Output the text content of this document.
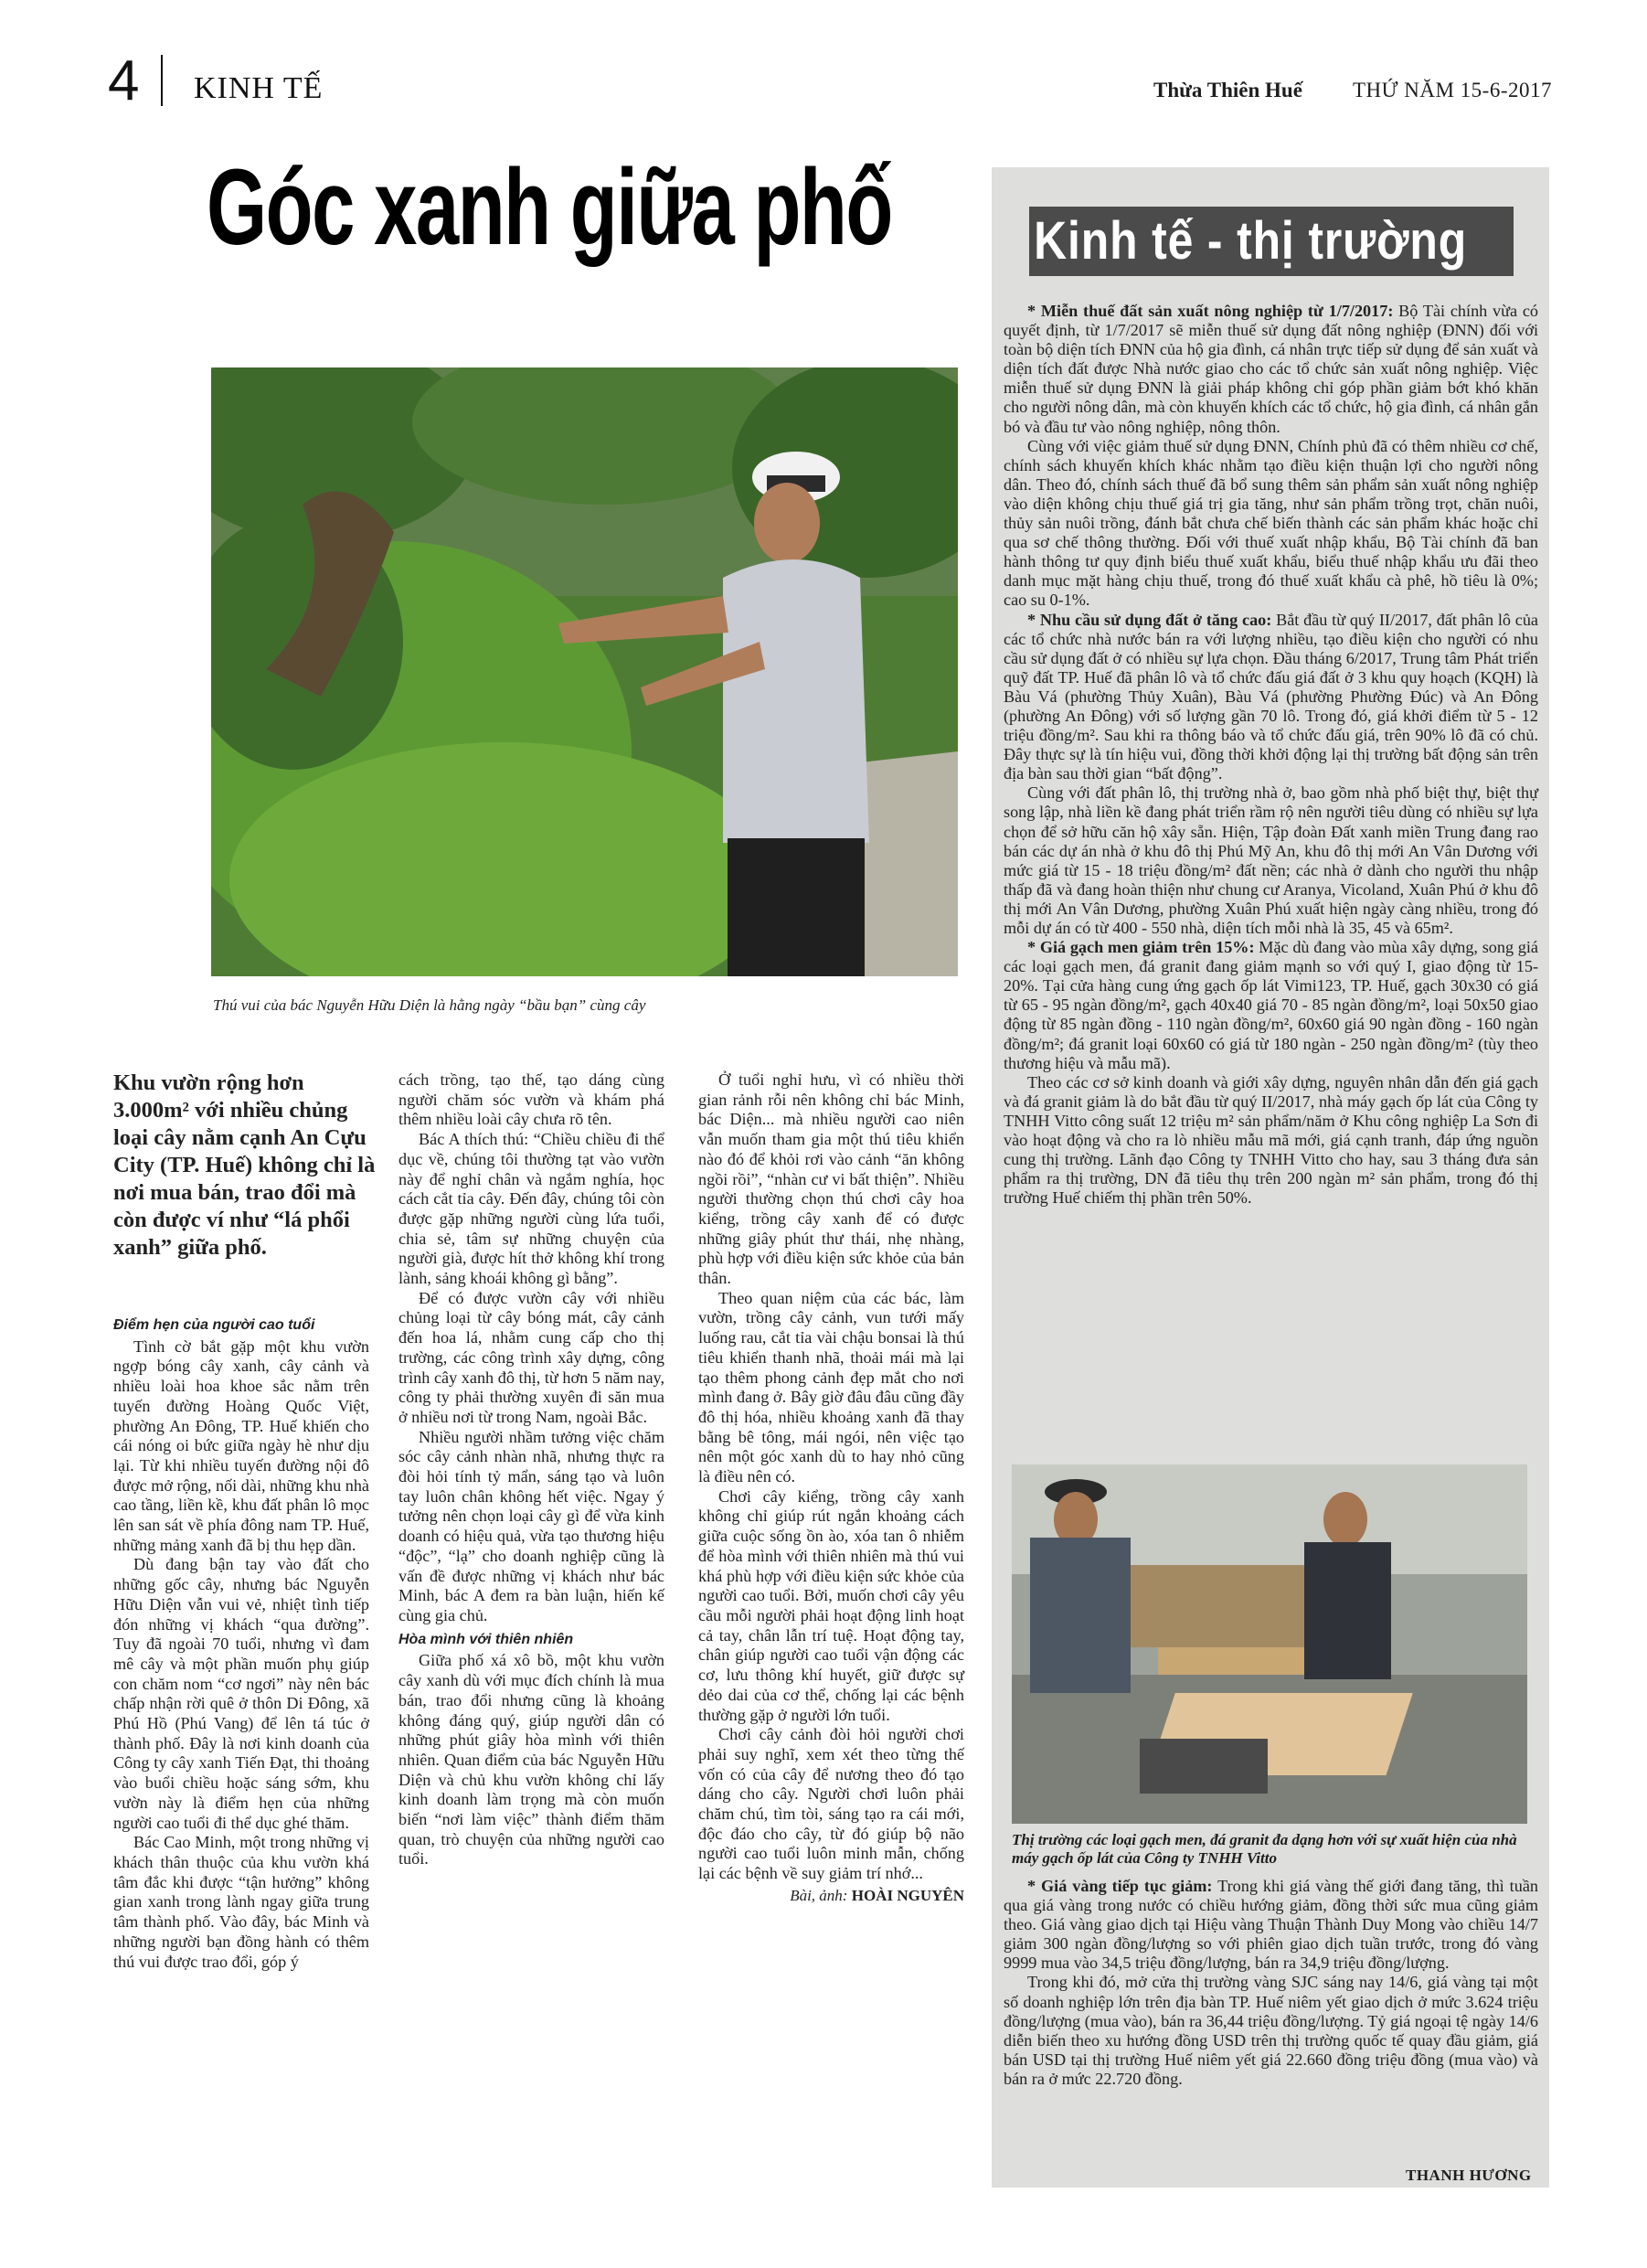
4 KINH TẾ	Thừa Thiên Huế THỨ NĂM 15-6-2017
Góc xanh giữa phố
Thú vui của bác Nguyễn Hữu Diện là hằng ngày “bầu bạn” cùng cây
Khu vườn rộng hơn 3.000m² với nhiều chủng loại cây nằm cạnh An Cựu City (TP. Huế) không chỉ là nơi mua bán, trao đổi mà còn được ví như “lá phổi xanh” giữa phố.
Điểm hẹn của người cao tuổi

Tình cờ bắt gặp một khu vườn ngợp bóng cây xanh, cây cảnh và nhiều loài hoa khoe sắc nằm trên tuyến đường Hoàng Quốc Việt, phường An Đông, TP. Huế khiến cho cái nóng oi bức giữa ngày hè như dịu lại. Từ khi nhiều tuyến đường nội đô được mở rộng, nối dài, những khu nhà cao tầng, liền kề, khu đất phân lô mọc lên san sát về phía đông nam TP. Huế, những mảng xanh đã bị thu hẹp dần.

Dù đang bận tay vào đất cho những gốc cây, nhưng bác Nguyễn Hữu Diện vẫn vui vẻ, nhiệt tình tiếp đón những vị khách “qua đường”. Tuy đã ngoài 70 tuổi, nhưng vì đam mê cây và một phần muốn phụ giúp con chăm nom “cơ ngơi” này nên bác chấp nhận rời quê ở thôn Di Đông, xã Phú Hồ (Phú Vang) để lên tá túc ở thành phố. Đây là nơi kinh doanh của Công ty cây xanh Tiến Đạt, thi thoảng vào buổi chiều hoặc sáng sớm, khu vườn này là điểm hẹn của những người cao tuổi đi thể dục ghé thăm.

Bác Cao Minh, một trong những vị khách thân thuộc của khu vườn khá tâm đắc khi được “tận hưởng” không gian xanh trong lành ngay giữa trung tâm thành phố. Vào đây, bác Minh và những người bạn đồng hành có thêm thú vui được trao đổi, góp ý

cách trồng, tạo thế, tạo dáng cùng người chăm sóc vườn và khám phá thêm nhiều loài cây chưa rõ tên.

Bác A thích thú: “Chiều chiều đi thể dục về, chúng tôi thường tạt vào vườn này để nghỉ chân và ngắm nghía, học cách cắt tỉa cây. Đến đây, chúng tôi còn được gặp những người cùng lứa tuổi, chia sẻ, tâm sự những chuyện của người già, được hít thở không khí trong lành, sảng khoái không gì bằng”.

Để có được vườn cây với nhiều chủng loại từ cây bóng mát, cây cảnh đến hoa lá, nhằm cung cấp cho thị trường, các công trình xây dựng, công trình cây xanh đô thị, từ hơn 5 năm nay, công ty phải thường xuyên đi săn mua ở nhiều nơi từ trong Nam, ngoài Bắc.

Nhiều người nhầm tưởng việc chăm sóc cây cảnh nhàn nhã, nhưng thực ra đòi hỏi tính tỷ mẩn, sáng tạo và luôn tay luôn chân không hết việc. Ngay ý tưởng nên chọn loại cây gì để vừa kinh doanh có hiệu quả, vừa tạo thương hiệu “độc”, “lạ” cho doanh nghiệp cũng là vấn đề được những vị khách như bác Minh, bác A đem ra bàn luận, hiến kế cùng gia chủ.

Hòa mình với thiên nhiên

Giữa phố xá xô bồ, một khu vườn cây xanh dù với mục đích chính là mua bán, trao đổi nhưng cũng là khoảng không đáng quý, giúp người dân có những phút giây hòa mình với thiên nhiên. Quan điểm của bác Nguyễn Hữu Diện và chủ khu vườn không chỉ lấy kinh doanh làm trọng mà còn muốn biến “nơi làm việc” thành điểm thăm quan, trò chuyện của những người cao tuổi.

Ở tuổi nghỉ hưu, vì có nhiều thời gian rảnh rỗi nên không chỉ bác Minh, bác Diện... mà nhiều người cao niên vẫn muốn tham gia một thú tiêu khiển nào đó để khỏi rơi vào cảnh “ăn không ngồi rồi”, “nhàn cư vi bất thiện”. Nhiều người thường chọn thú chơi cây hoa kiểng, trồng cây xanh để có được những giây phút thư thái, nhẹ nhàng, phù hợp với điều kiện sức khỏe của bản thân.

Theo quan niệm của các bác, làm vườn, trồng cây cảnh, vun tưới mấy luống rau, cắt tỉa vài chậu bonsai là thú tiêu khiển thanh nhã, thoải mái mà lại tạo thêm phong cảnh đẹp mắt cho nơi mình đang ở. Bây giờ đâu đâu cũng đầy đô thị hóa, nhiều khoảng xanh đã thay bằng bê tông, mái ngói, nên việc tạo nên một góc xanh dù to hay nhỏ cũng là điều nên có.

Chơi cây kiểng, trồng cây xanh không chỉ giúp rút ngắn khoảng cách giữa cuộc sống ồn ào, xóa tan ô nhiễm để hòa mình với thiên nhiên mà thú vui khá phù hợp với điều kiện sức khỏe của người cao tuổi. Bởi, muốn chơi cây yêu cầu mỗi người phải hoạt động linh hoạt cả tay, chân lẫn trí tuệ. Hoạt động tay, chân giúp người cao tuổi vận động các cơ, lưu thông khí huyết, giữ được sự dẻo dai của cơ thể, chống lại các bệnh thường gặp ở người lớn tuổi.

Chơi cây cảnh đòi hỏi người chơi phải suy nghĩ, xem xét theo từng thế vốn có của cây để nương theo đó tạo dáng cho cây. Người chơi luôn phải chăm chú, tìm tòi, sáng tạo ra cái mới, độc đáo cho cây, từ đó giúp bộ não người cao tuổi luôn minh mẫn, chống lại các bệnh về suy giảm trí nhớ...

Bài, ảnh: HOÀI NGUYÊN
Kinh tế - thị trường

* Miễn thuế đất sản xuất nông nghiệp từ 1/7/2017: Bộ Tài chính vừa có quyết định, từ 1/7/2017 sẽ miễn thuế sử dụng đất nông nghiệp (ĐNN) đối với toàn bộ diện tích ĐNN của hộ gia đình, cá nhân trực tiếp sử dụng để sản xuất và diện tích đất được Nhà nước giao cho các tổ chức sản xuất nông nghiệp. Việc miễn thuế sử dụng ĐNN là giải pháp không chỉ góp phần giảm bớt khó khăn cho người nông dân, mà còn khuyến khích các tổ chức, hộ gia đình, cá nhân gắn bó và đầu tư vào nông nghiệp, nông thôn.

Cùng với việc giảm thuế sử dụng ĐNN, Chính phủ đã có thêm nhiều cơ chế, chính sách khuyến khích khác nhằm tạo điều kiện thuận lợi cho người nông dân. Theo đó, chính sách thuế đã bổ sung thêm sản phẩm sản xuất nông nghiệp vào diện không chịu thuế giá trị gia tăng, như sản phẩm trồng trọt, chăn nuôi, thủy sản nuôi trồng, đánh bắt chưa chế biến thành các sản phẩm khác hoặc chỉ qua sơ chế thông thường. Đối với thuế xuất nhập khẩu, Bộ Tài chính đã ban hành thông tư quy định biểu thuế xuất khẩu, biểu thuế nhập khẩu ưu đãi theo danh mục mặt hàng chịu thuế, trong đó thuế xuất khẩu cà phê, hồ tiêu là 0%; cao su 0-1%.

* Nhu cầu sử dụng đất ở tăng cao: Bắt đầu từ quý II/2017, đất phân lô của các tổ chức nhà nước bán ra với lượng nhiều, tạo điều kiện cho người có nhu cầu sử dụng đất ở có nhiều sự lựa chọn. Đầu tháng 6/2017, Trung tâm Phát triển quỹ đất TP. Huế đã phân lô và tổ chức đấu giá đất ở 3 khu quy hoạch (KQH) là Bàu Vá (phường Thủy Xuân), Bàu Vá (phường Phường Đúc) và An Đông (phường An Đông) với số lượng gần 70 lô. Trong đó, giá khởi điểm từ 5 - 12 triệu đồng/m². Sau khi ra thông báo và tổ chức đấu giá, trên 90% lô đã có chủ. Đây thực sự là tín hiệu vui, đồng thời khởi động lại thị trường bất động sản trên địa bàn sau thời gian “bất động”.

Cùng với đất phân lô, thị trường nhà ở, bao gồm nhà phố biệt thự, biệt thự song lập, nhà liền kề đang phát triển rầm rộ nên người tiêu dùng có nhiều sự lựa chọn để sở hữu căn hộ xây sẵn. Hiện, Tập đoàn Đất xanh miền Trung đang rao bán các dự án nhà ở khu đô thị Phú Mỹ An, khu đô thị mới An Vân Dương với mức giá từ 15 - 18 triệu đồng/m² đất nền; các nhà ở dành cho người thu nhập thấp đã và đang hoàn thiện như chung cư Aranya, Vicoland, Xuân Phú ở khu đô thị mới An Vân Dương, phường Xuân Phú xuất hiện ngày càng nhiều, trong đó mỗi dự án có từ 400 - 550 nhà, diện tích mỗi nhà là 35, 45 và 65m².

* Giá gạch men giảm trên 15%: Mặc dù đang vào mùa xây dựng, song giá các loại gạch men, đá granit đang giảm mạnh so với quý I, giao động từ 15- 20%. Tại cửa hàng cung ứng gạch ốp lát Vimi123, TP. Huế, gạch 30x30 có giá từ 65 - 95 ngàn đồng/m², gạch 40x40 giá 70 - 85 ngàn đồng/m², loại 50x50 giao động từ 85 ngàn đồng - 110 ngàn đồng/m², 60x60 giá 90 ngàn đồng - 160 ngàn đồng/m²; đá granit loại 60x60 có giá từ 180 ngàn - 250 ngàn đồng/m² (tùy theo thương hiệu và mẫu mã).

Theo các cơ sở kinh doanh và giới xây dựng, nguyên nhân dẫn đến giá gạch và đá granit giảm là do bắt đầu từ quý II/2017, nhà máy gạch ốp lát của Công ty TNHH Vitto công suất 12 triệu m² sản phẩm/năm ở Khu công nghiệp La Sơn đi vào hoạt động và cho ra lò nhiều mẫu mã mới, giá cạnh tranh, đáp ứng nguồn cung thị trường. Lãnh đạo Công ty TNHH Vitto cho hay, sau 3 tháng đưa sản phẩm ra thị trường, DN đã tiêu thụ trên 200 ngàn m² sản phẩm, trong đó thị trường Huế chiếm thị phần trên 50%.

Thị trường các loại gạch men, đá granit đa dạng hơn với sự xuất hiện của nhà máy gạch ốp lát của Công ty TNHH Vitto

* Giá vàng tiếp tục giảm: Trong khi giá vàng thế giới đang tăng, thì tuần qua giá vàng trong nước có chiều hướng giảm, đồng thời sức mua cũng giảm theo. Giá vàng giao dịch tại Hiệu vàng Thuận Thành Duy Mong vào chiều 14/7 giảm 300 ngàn đồng/lượng so với phiên giao dịch tuần trước, trong đó vàng 9999 mua vào 34,5 triệu đồng/lượng, bán ra 34,9 triệu đồng/lượng.

Trong khi đó, mở cửa thị trường vàng SJC sáng nay 14/6, giá vàng tại một số doanh nghiệp lớn trên địa bàn TP. Huế niêm yết giao dịch ở mức 3.624 triệu đồng/lượng (mua vào), bán ra 36,44 triệu đồng/lượng. Tỷ giá ngoại tệ ngày 14/6 diễn biến theo xu hướng đồng USD trên thị trường quốc tế quay đầu giảm, giá bán USD tại thị trường Huế niêm yết giá 22.660 đồng triệu đồng (mua vào) và bán ra ở mức 22.720 đồng.

THANH HƯƠNG
